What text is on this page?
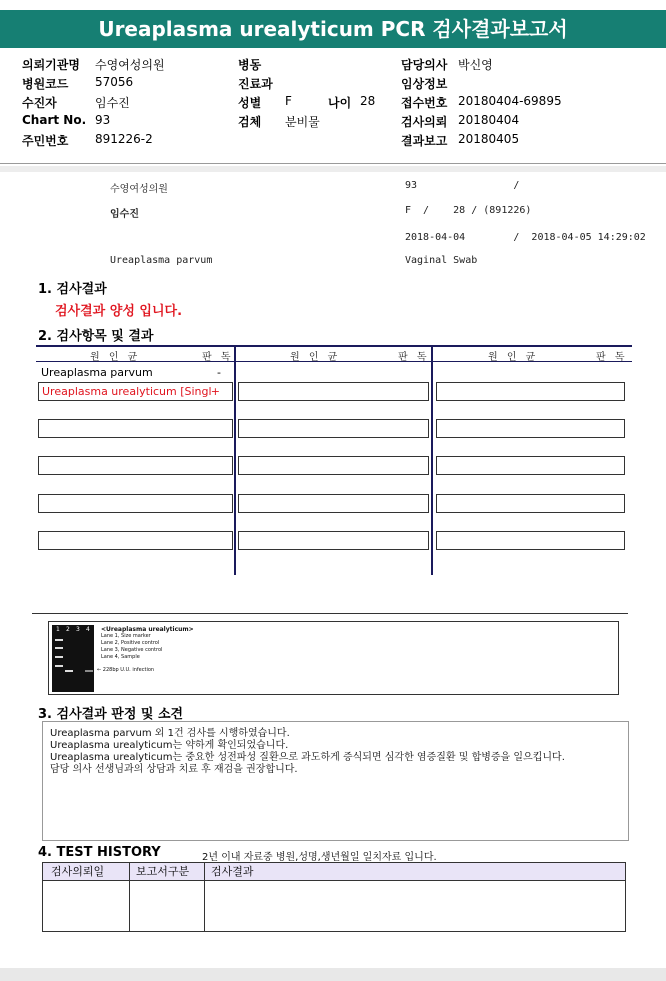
Ureaplasma urealyticum PCR 검사결과보고서
의뢰기관명 수영여성의원	병동	담당의사 박신영
병원코드 57056	진료과	임상정보
수진자	임수진	성별 F	나이 28 접수번호 20180404-69895
Chart No. 93	검체 분비물	검사의뢰 20180404
주민번호 891226-2	결과보고 20180405
수영여성의원	93                /
임수진	F  /    28 / (891226)
2018-04-04        /  2018-04-05 14:29:02
Ureaplasma parvum	Vaginal Swab
1. 검사결과
검사결과 양성 입니다.
2. 검사항목 및 결과
원 인 균	판 독	원 인 균	판 독	원 인 균	판 독
Ureaplasma parvum	-
Ureaplasma urealyticum [Singl +
1 2 3 4 <Ureaplasma urealyticum>
Lane 1, Size marker
Lane 2, Positive control
Lane 3, Negative control
Lane 4, Sample
← 228bp U.U. infection
3. 검사결과 판정 및 소견
Ureaplasma parvum 외 1건 검사를 시행하였습니다.
Ureaplasma urealyticum는 약하게 확인되었습니다.
Ureaplasma urealyticum는 중요한 성전파성 질환으로 과도하게 증식되면 심각한 염증질환 및 합병증을 일으킵니다.
담당 의사 선생님과의 상담과 치료 후 재검을 권장합니다.
4. TEST HISTORY	2년 이내 자료중 병원,성명,생년월일 일치자료 입니다.
검사의뢰일	보고서구분 검사결과
